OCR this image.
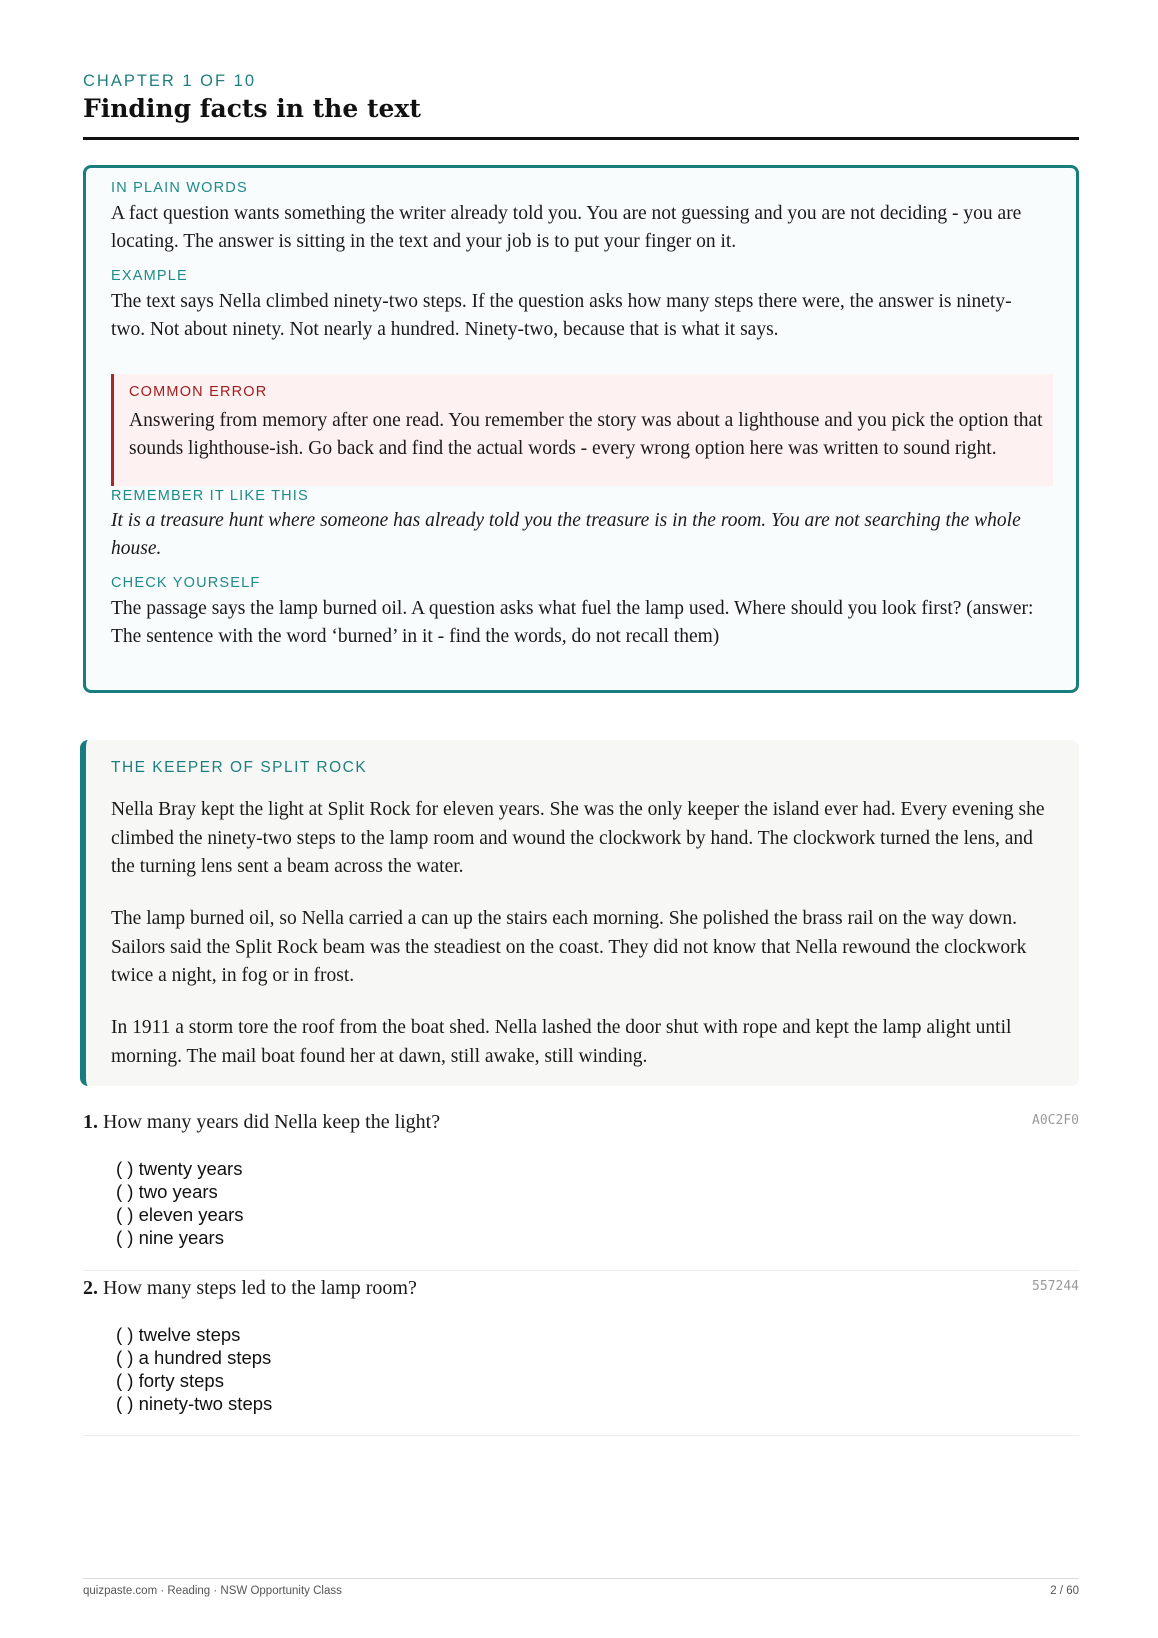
CHAPTER 1 OF 10
Finding facts in the text
IN PLAIN WORDS
A fact question wants something the writer already told you. You are not guessing and you are not deciding - you are locating. The answer is sitting in the text and your job is to put your finger on it.
EXAMPLE
The text says Nella climbed ninety-two steps. If the question asks how many steps there were, the answer is ninety-two. Not about ninety. Not nearly a hundred. Ninety-two, because that is what it says.
COMMON ERROR
Answering from memory after one read. You remember the story was about a lighthouse and you pick the option that sounds lighthouse-ish. Go back and find the actual words - every wrong option here was written to sound right.
REMEMBER IT LIKE THIS
It is a treasure hunt where someone has already told you the treasure is in the room. You are not searching the whole house.
CHECK YOURSELF
The passage says the lamp burned oil. A question asks what fuel the lamp used. Where should you look first? (answer: The sentence with the word ‘burned’ in it - find the words, do not recall them)
THE KEEPER OF SPLIT ROCK

Nella Bray kept the light at Split Rock for eleven years. She was the only keeper the island ever had. Every evening she climbed the ninety-two steps to the lamp room and wound the clockwork by hand. The clockwork turned the lens, and the turning lens sent a beam across the water.

The lamp burned oil, so Nella carried a can up the stairs each morning. She polished the brass rail on the way down. Sailors said the Split Rock beam was the steadiest on the coast. They did not know that Nella rewound the clockwork twice a night, in fog or in frost.

In 1911 a storm tore the roof from the boat shed. Nella lashed the door shut with rope and kept the lamp alight until morning. The mail boat found her at dawn, still awake, still winding.

1. How many years did Nella keep the light?	A0C2F0
( ) twenty years
( ) two years
( ) eleven years
( ) nine years
2. How many steps led to the lamp room?	557244
( ) twelve steps
( ) a hundred steps
( ) forty steps
( ) ninety-two steps
quizpaste.com · Reading · NSW Opportunity Class	2 / 60
